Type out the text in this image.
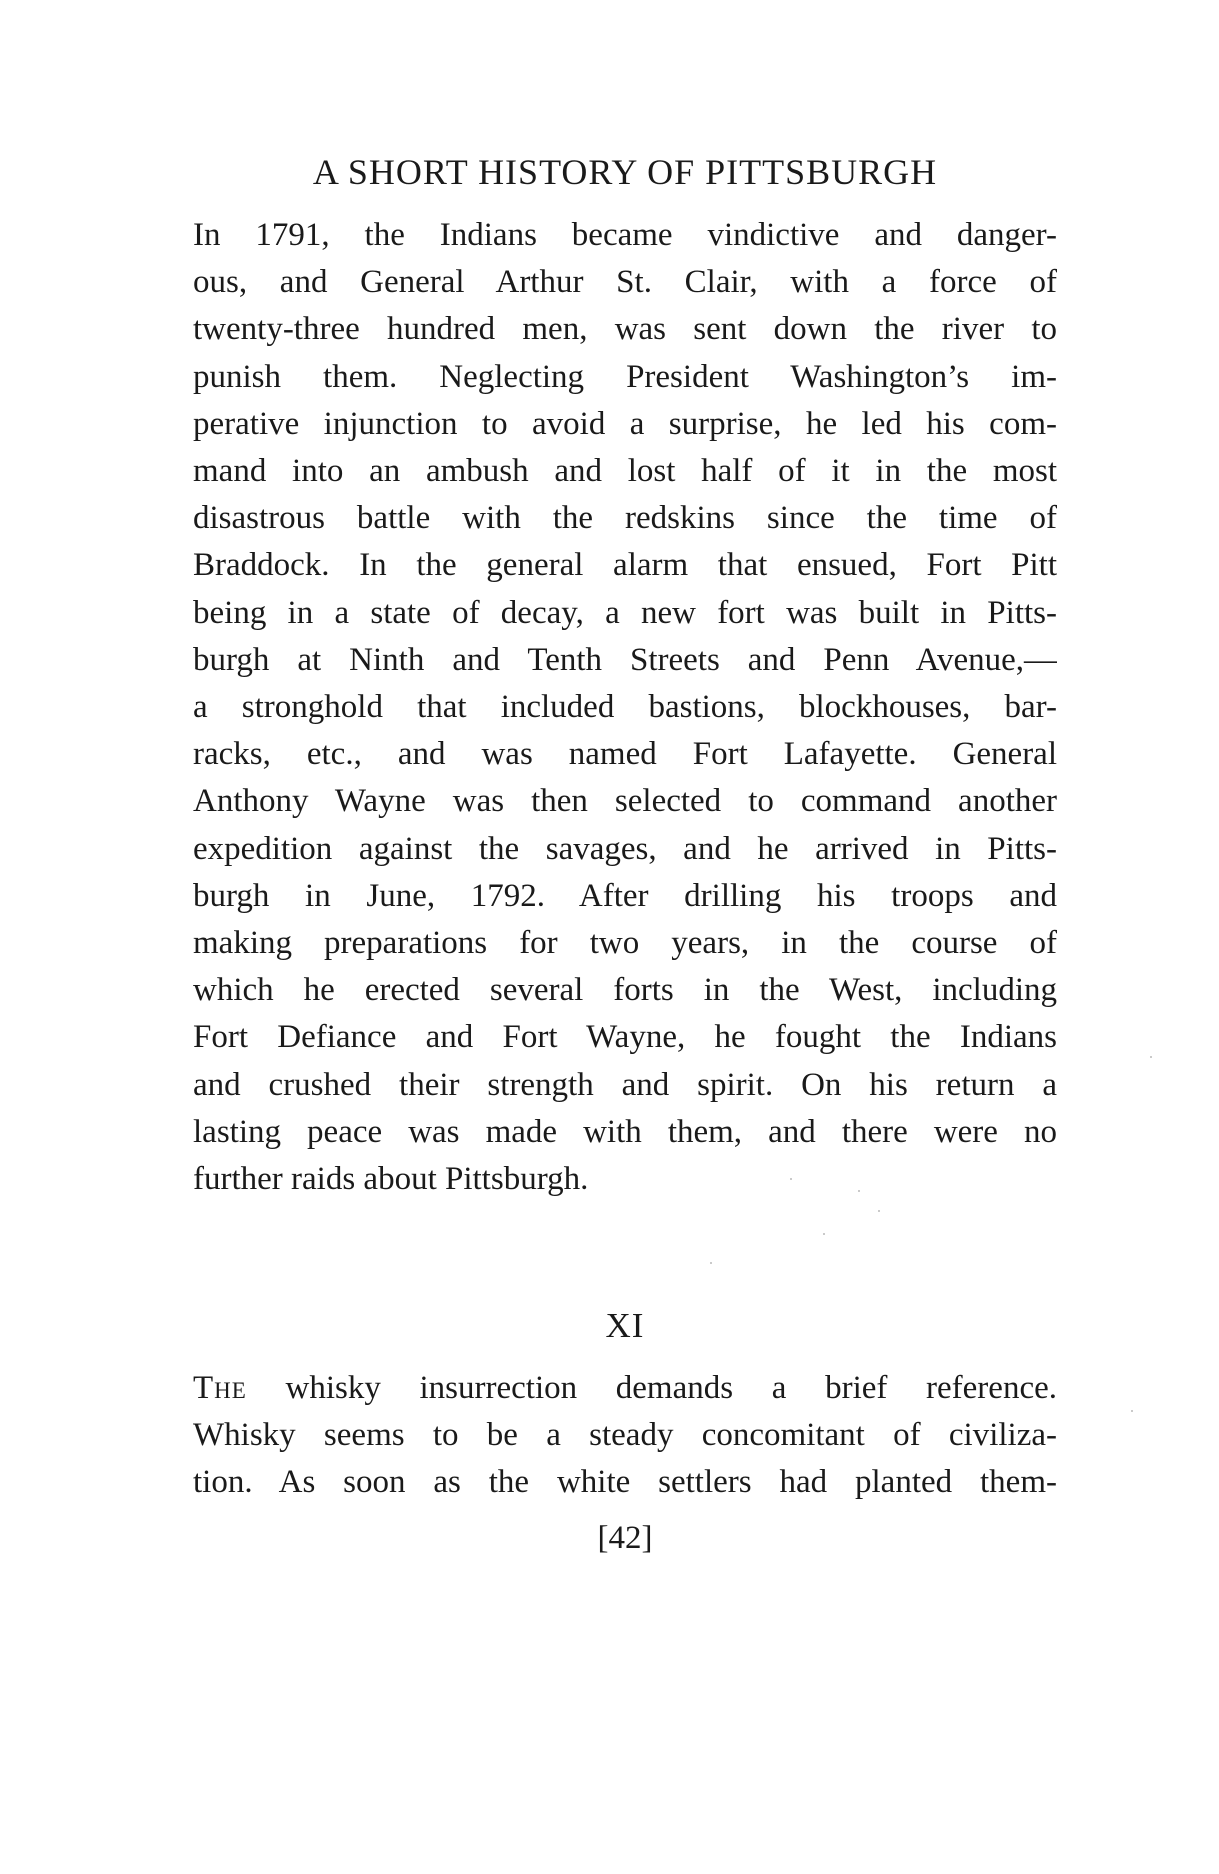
A SHORT HISTORY OF PITTSBURGH
In 1791, the Indians became vindictive and danger-
ous, and General Arthur St. Clair, with a force of
twenty-three hundred men, was sent down the river to
punish them. Neglecting President Washington’s im-
perative injunction to avoid a surprise, he led his com-
mand into an ambush and lost half of it in the most
disastrous battle with the redskins since the time of
Braddock. In the general alarm that ensued, Fort Pitt
being in a state of decay, a new fort was built in Pitts-
burgh at Ninth and Tenth Streets and Penn Avenue,—
a stronghold that included bastions, blockhouses, bar-
racks, etc., and was named Fort Lafayette. General
Anthony Wayne was then selected to command another
expedition against the savages, and he arrived in Pitts-
burgh in June, 1792. After drilling his troops and
making preparations for two years, in the course of
which he erected several forts in the West, including
Fort Defiance and Fort Wayne, he fought the Indians
and crushed their strength and spirit. On his return a
lasting peace was made with them, and there were no
further raids about Pittsburgh.
XI
The whisky insurrection demands a brief reference.
Whisky seems to be a steady concomitant of civiliza-
tion. As soon as the white settlers had planted them-
[42]
